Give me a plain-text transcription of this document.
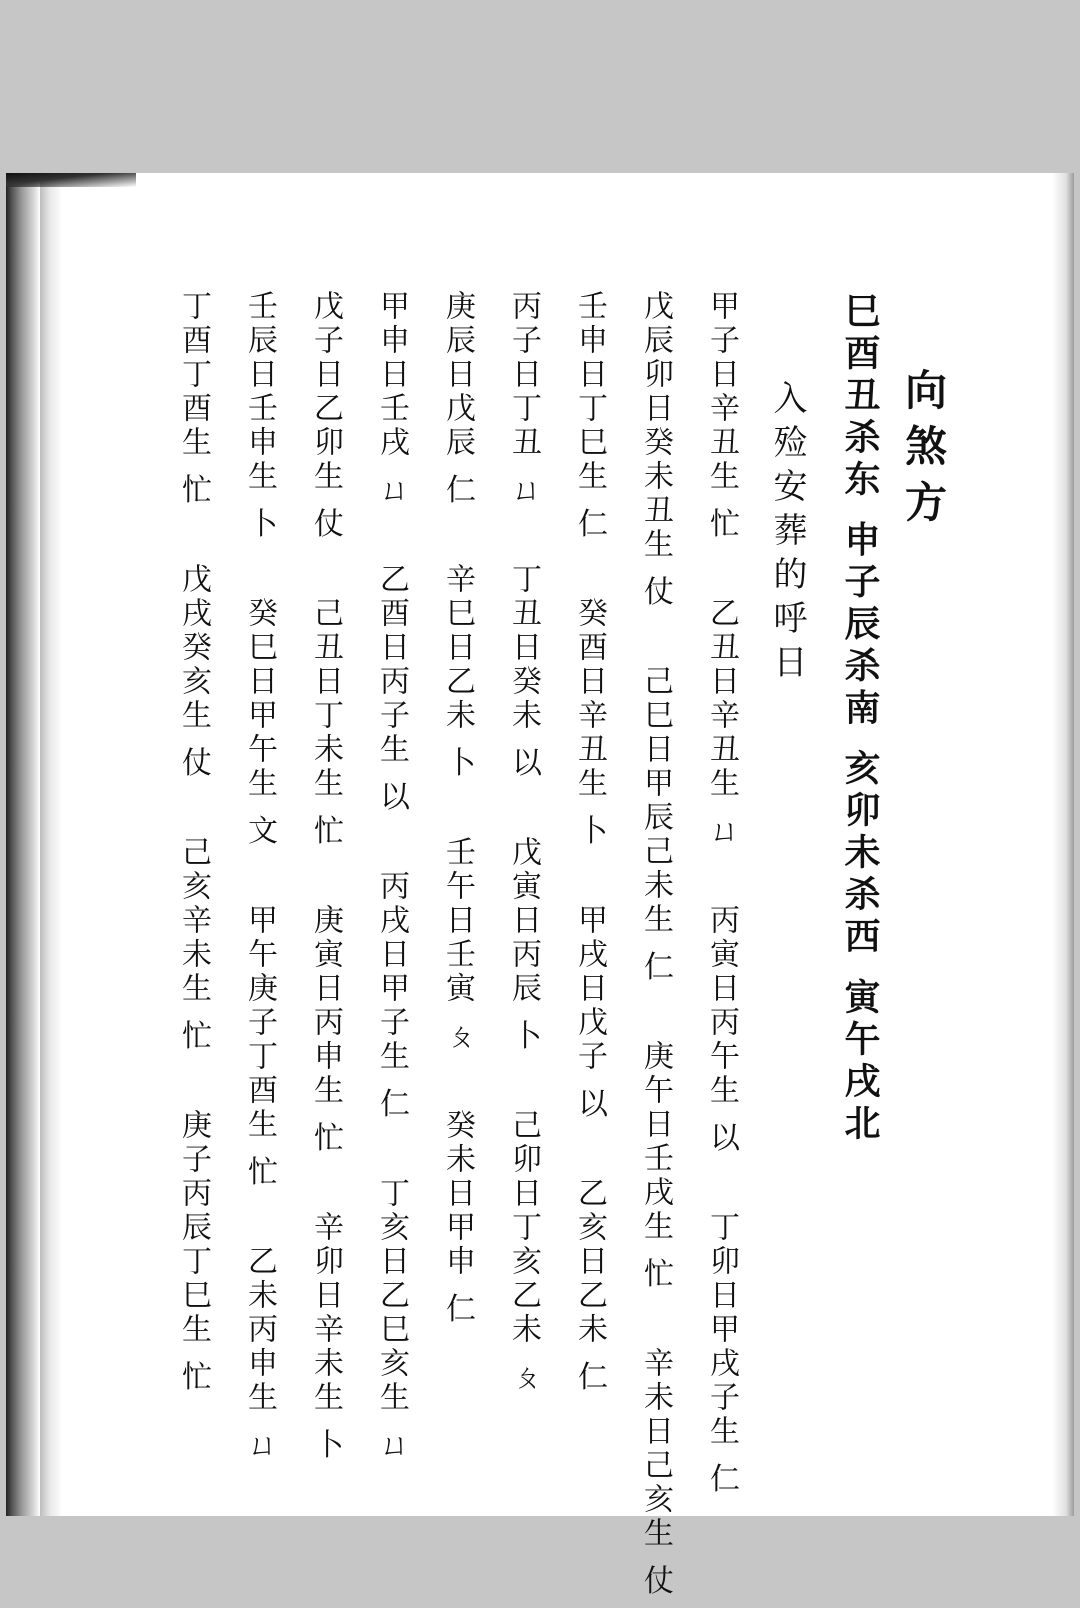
向煞方
巳酉丑杀东 申子辰杀南 亥卯未杀西 寅午戌北
入殓安葬的呼日
甲子日辛丑生 忙 乙丑日辛丑生 ㄩ 丙寅日丙午生 以 丁卯日甲戌子生 仁
戊辰卯日癸未丑生 仗 己巳日甲辰己未生 仁 庚午日壬戌生 忙 辛未日己亥生 仗
壬申日丁巳生 仁 癸酉日辛丑生 卜 甲戌日戊子 以 乙亥日乙未 仁
丙子日丁丑 ㄩ 丁丑日癸未 以 戊寅日丙辰 卜 己卯日丁亥乙未 ㄆ
庚辰日戊辰 仁 辛巳日乙未 卜 壬午日壬寅 ㄆ 癸未日甲申 仁
甲申日壬戌 ㄩ 乙酉日丙子生 以 丙戌日甲子生 仁 丁亥日乙巳亥生 ㄩ
戊子日乙卯生 仗 己丑日丁未生 忙 庚寅日丙申生 忙 辛卯日辛未生 卜
壬辰日壬申生 卜 癸巳日甲午生 文 甲午庚子丁酉生 忙 乙未丙申生 ㄩ
丁酉丁酉生 忙 戊戌癸亥生 仗 己亥辛未生 忙 庚子丙辰丁巳生 忙
